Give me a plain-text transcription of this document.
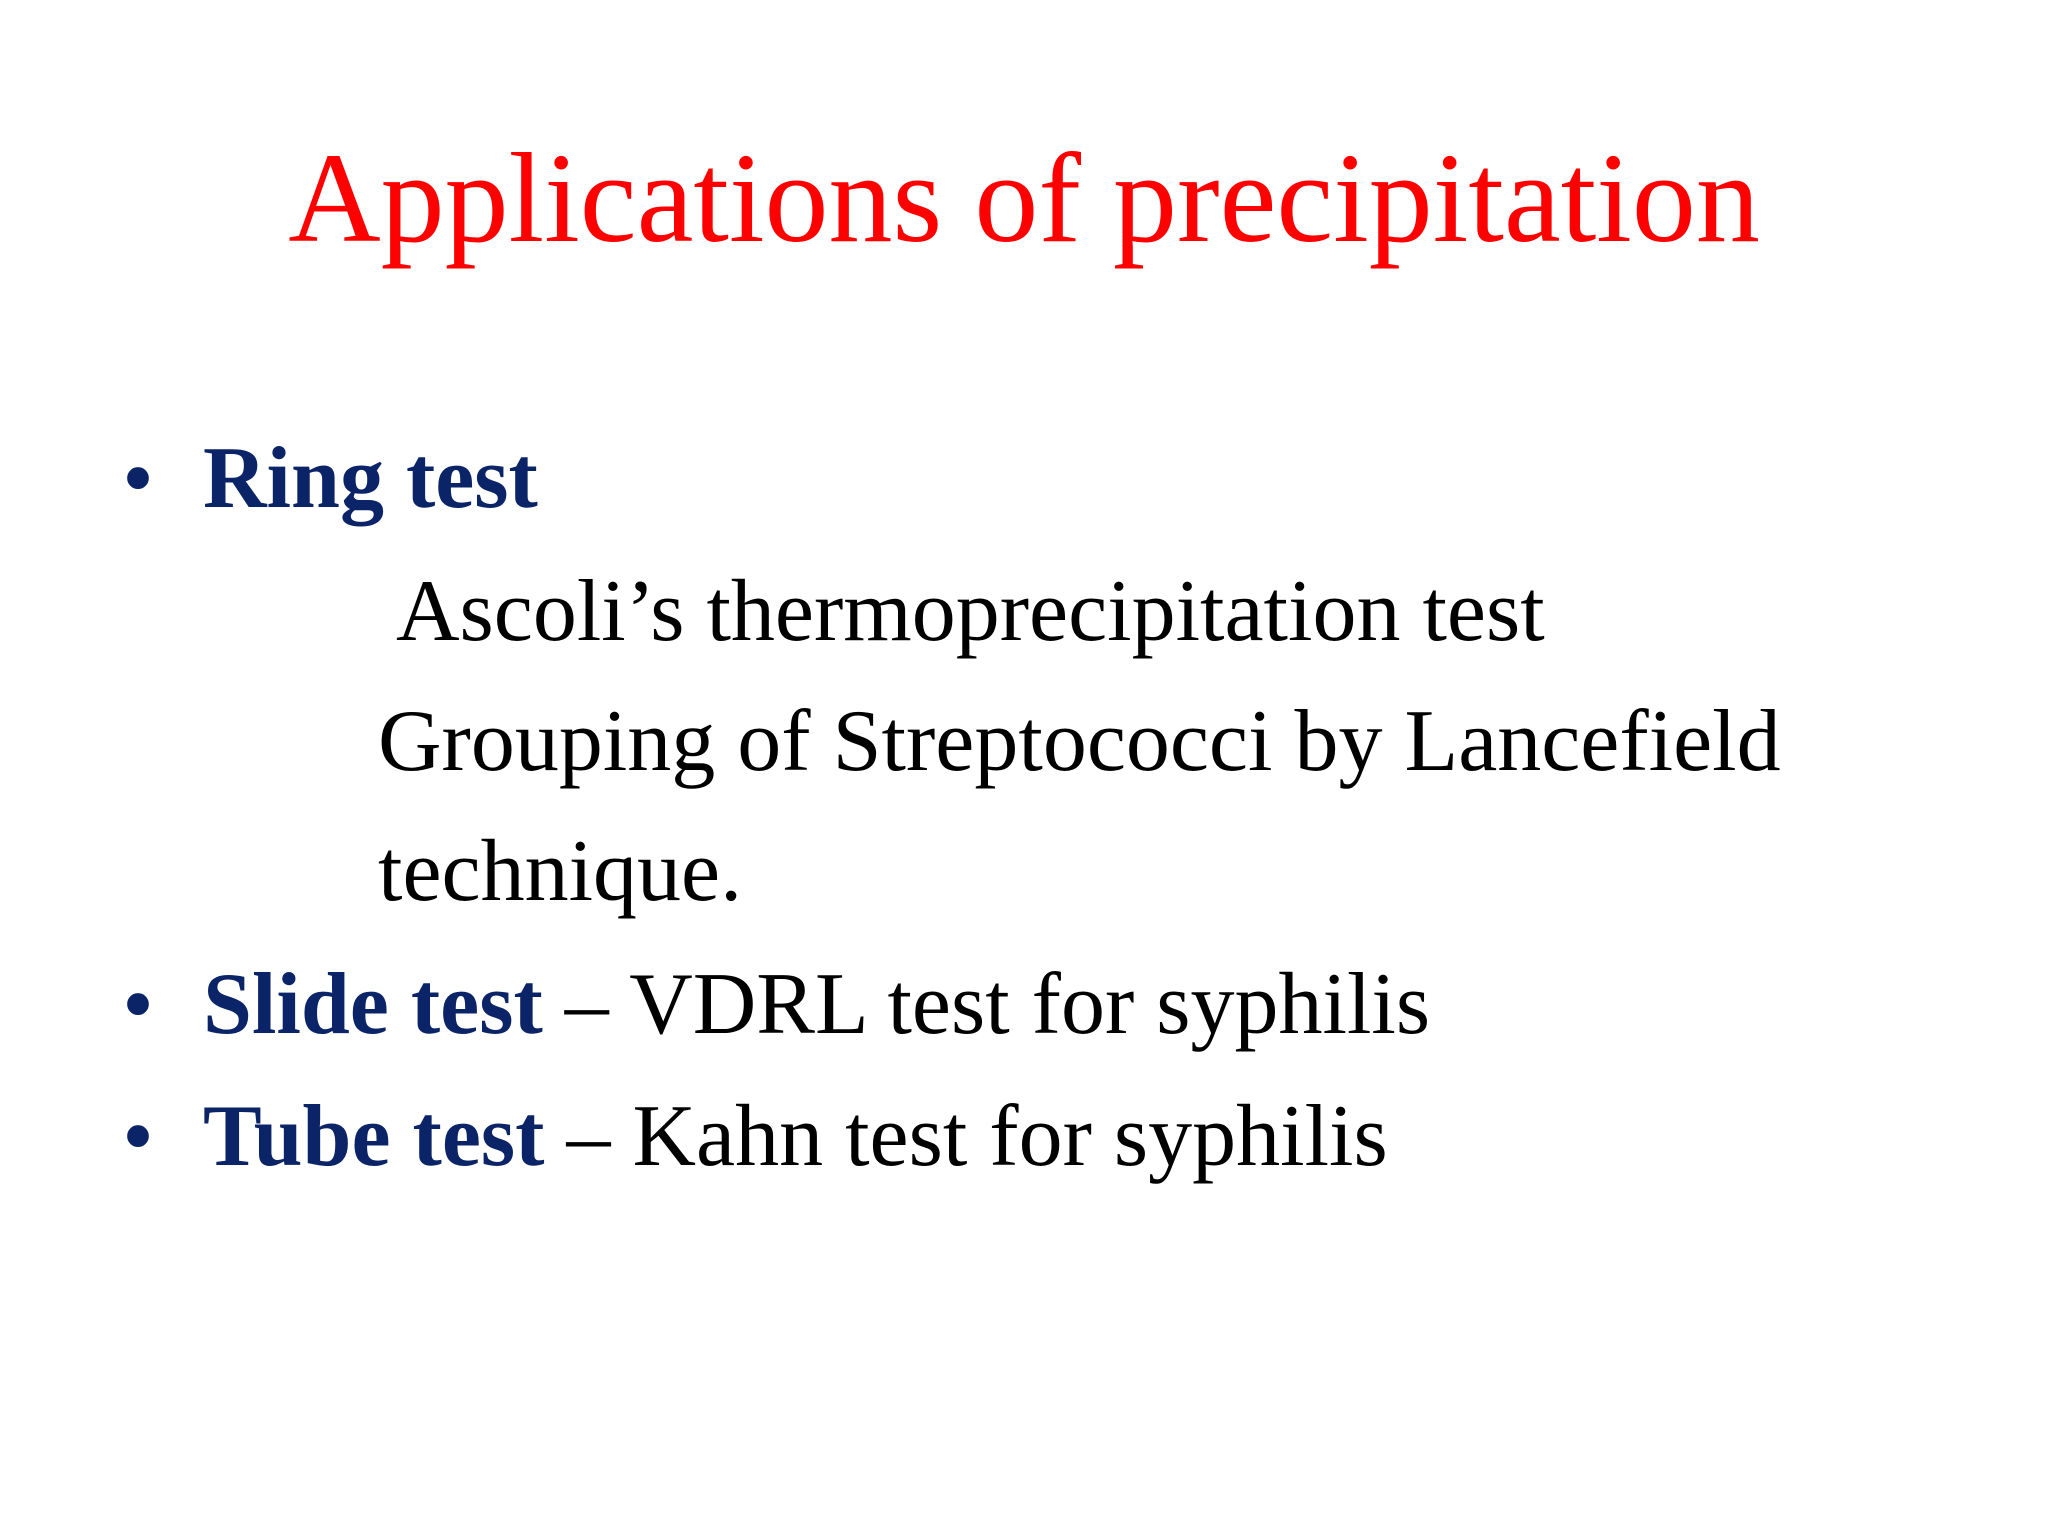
Applications of precipitation
• Ring test
Ascoli’s thermoprecipitation test
Grouping of Streptococci by Lancefield
technique.
• Slide test – VDRL test for syphilis
• Tube test – Kahn test for syphilis
